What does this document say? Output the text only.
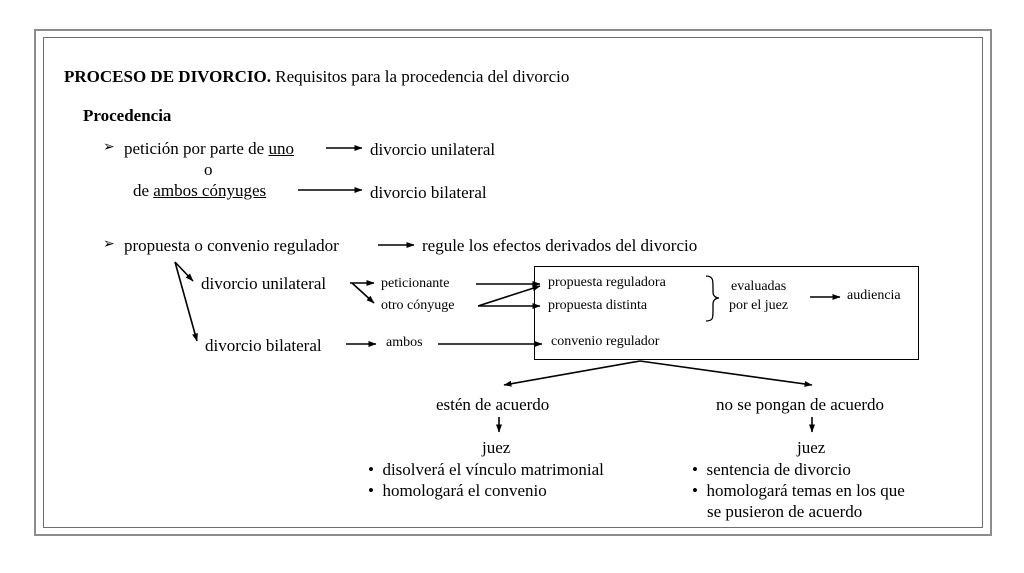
PROCESO DE DIVORCIO. Requisitos para la procedencia del divorcio
Procedencia
➢ petición por parte de uno	divorcio unilateral
o
de ambos cónyuges	divorcio bilateral
➢ propuesta o convenio regulador	regule los efectos derivados del divorcio
divorcio unilateral
divorcio bilateral
peticionante
otro cónyuge
ambos
propuesta reguladora
propuesta distinta
convenio regulador
evaluadas
por el juez
audiencia
estén de acuerdo	no se pongan de acuerdo
juez	juez
• disolverá el vínculo matrimonial
• homologará el convenio
• sentencia de divorcio
• homologará temas en los que
se pusieron de acuerdo
